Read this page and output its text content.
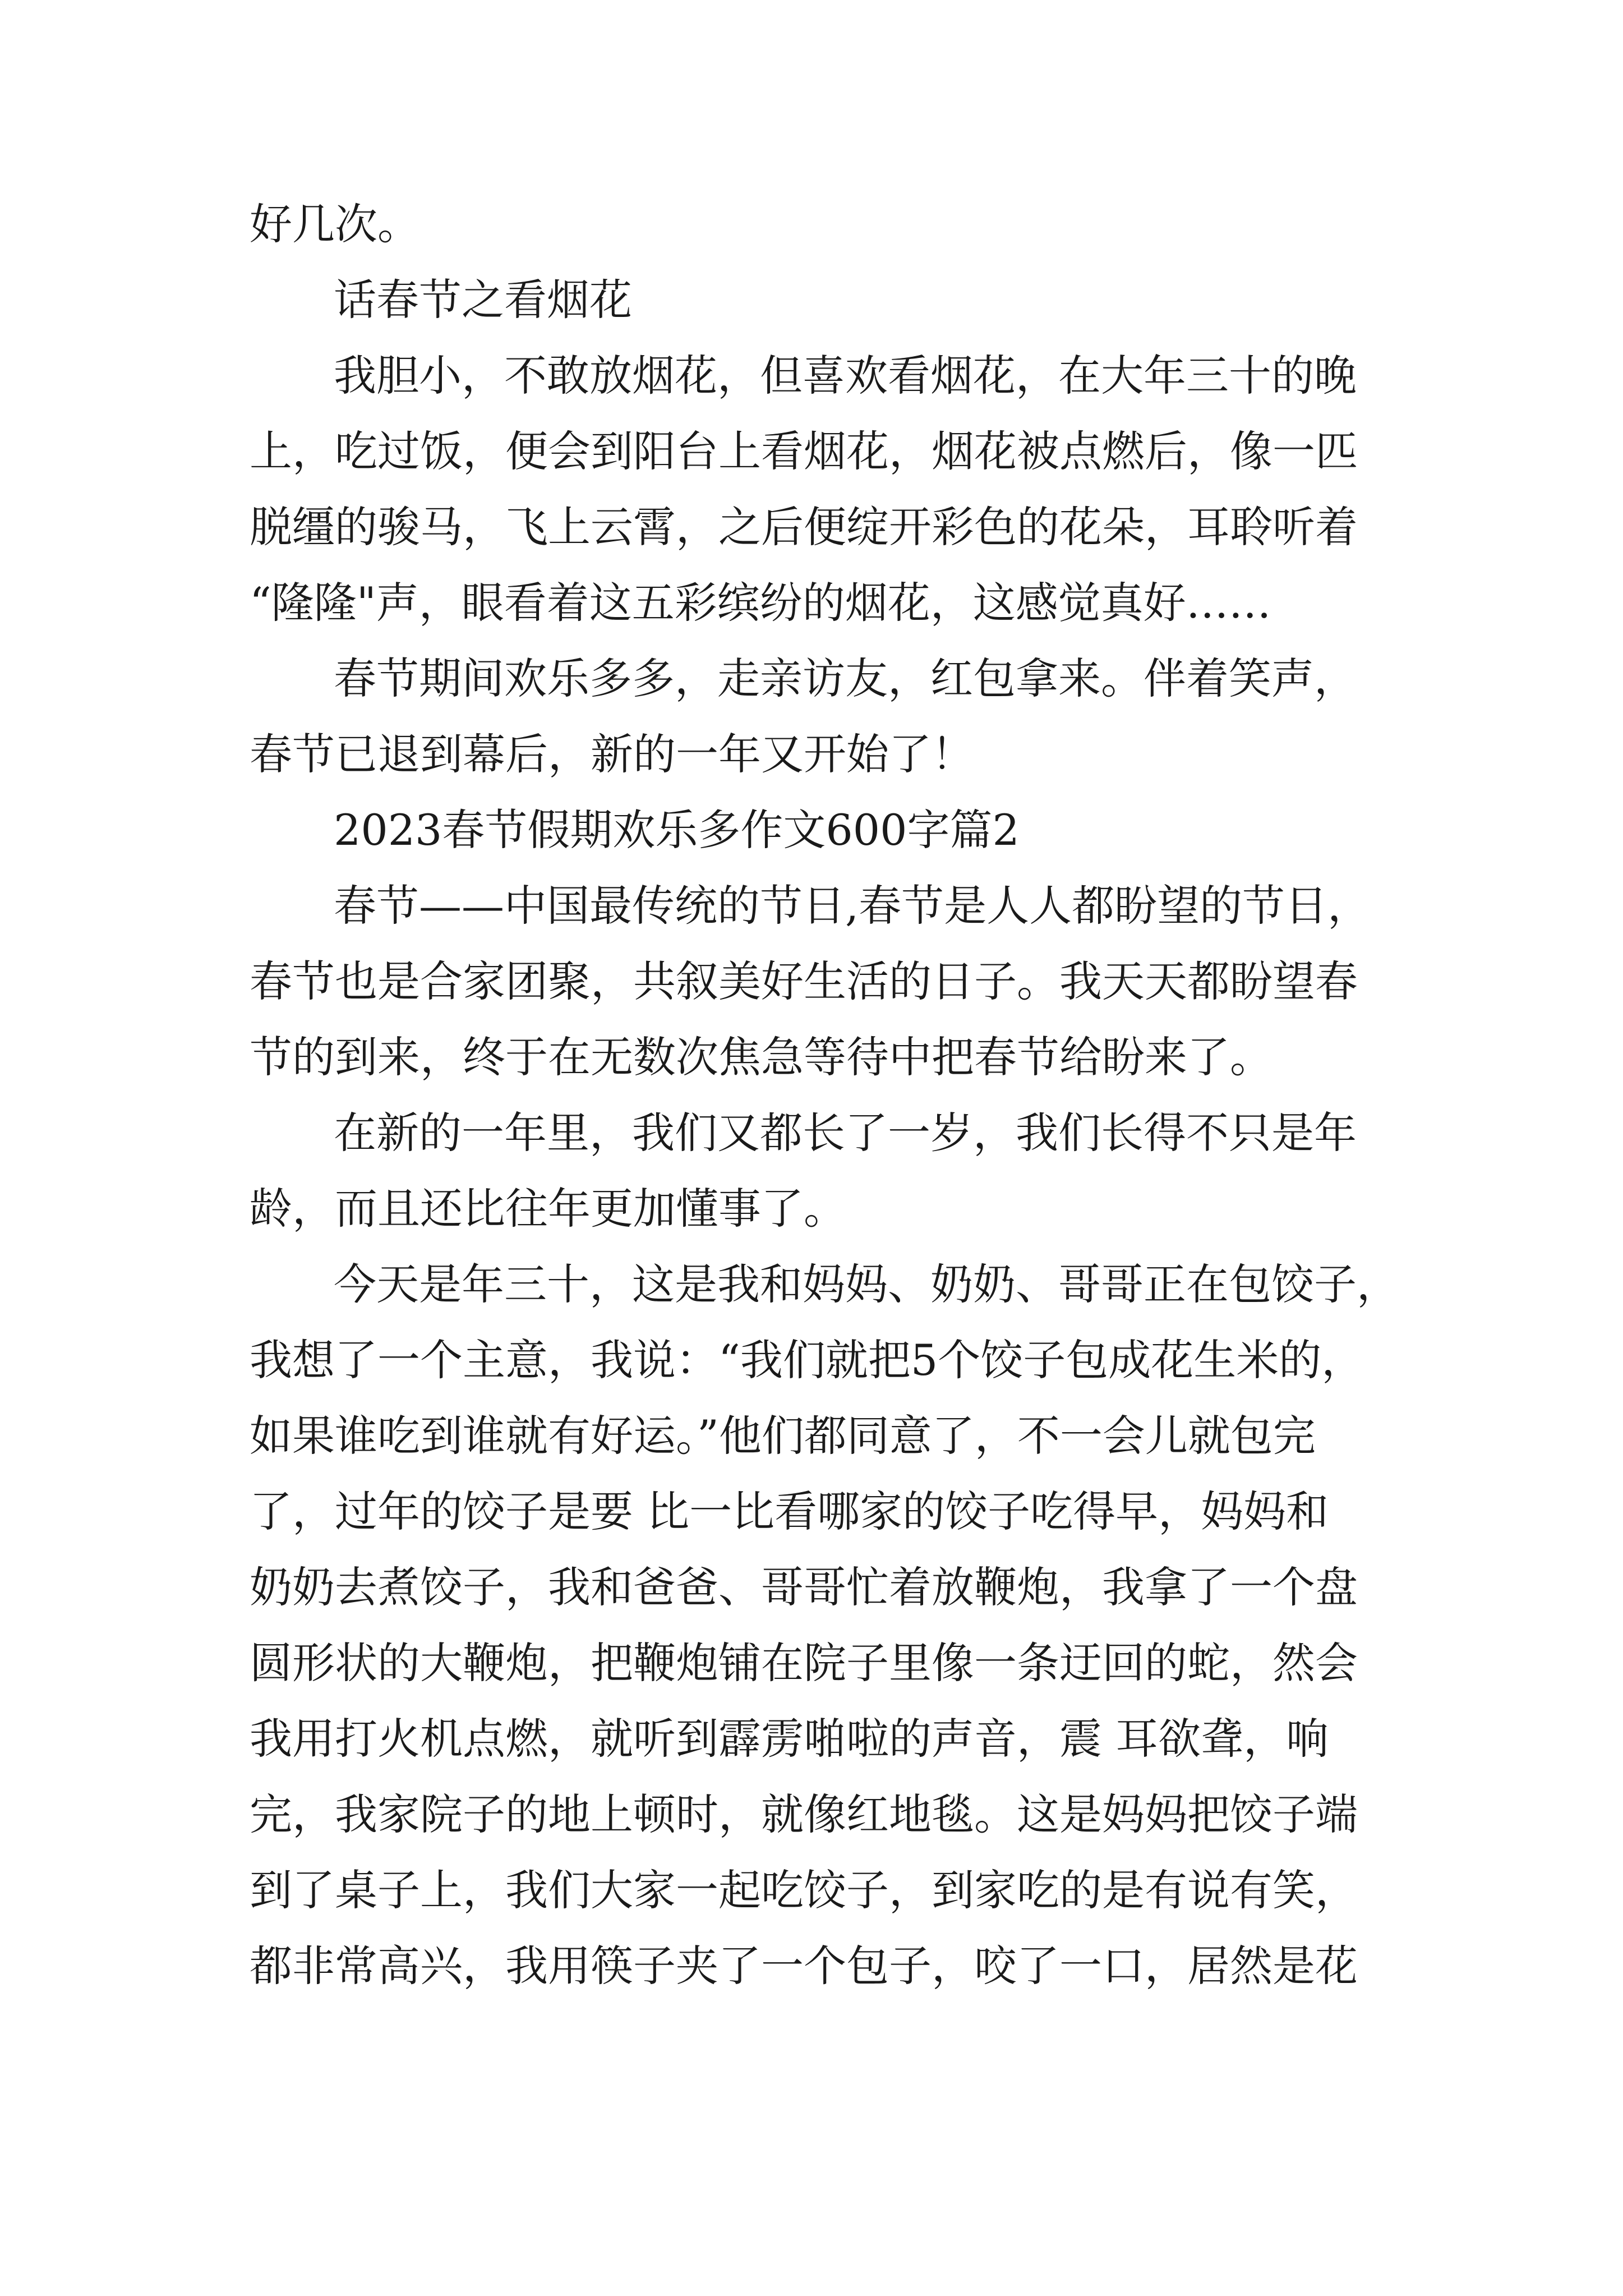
好几次。
话春节之看烟花
我胆小，不敢放烟花，但喜欢看烟花，在大年三十的晚
上，吃过饭，便会到阳台上看烟花，烟花被点燃后，像一匹
脱缰的骏马，飞上云霄，之后便绽开彩色的花朵，耳聆听着
“隆隆"声，眼看着这五彩缤纷的烟花，这感觉真好……
春节期间欢乐多多，走亲访友，红包拿来。伴着笑声，
春节已退到幕后，新的一年又开始了！
2023春节假期欢乐多作文600字篇2
春节——中国最传统的节日,春节是人人都盼望的节日，
春节也是合家团聚，共叙美好生活的日子。我天天都盼望春
节的到来，终于在无数次焦急等待中把春节给盼来了。
在新的一年里，我们又都长了一岁，我们长得不只是年
龄，而且还比往年更加懂事了。
今天是年三十，这是我和妈妈、奶奶、哥哥正在包饺子，
我想了一个主意，我说：“我们就把5个饺子包成花生米的，
如果谁吃到谁就有好运。”他们都同意了，不一会儿就包完
了，过年的饺子是要 比一比看哪家的饺子吃得早，妈妈和
奶奶去煮饺子，我和爸爸、哥哥忙着放鞭炮，我拿了一个盘
圆形状的大鞭炮，把鞭炮铺在院子里像一条迂回的蛇，然会
我用打火机点燃，就听到霹雳啪啦的声音，震 耳欲聋，响
完，我家院子的地上顿时，就像红地毯。这是妈妈把饺子端
到了桌子上，我们大家一起吃饺子，到家吃的是有说有笑，
都非常高兴，我用筷子夹了一个包子，咬了一口，居然是花
